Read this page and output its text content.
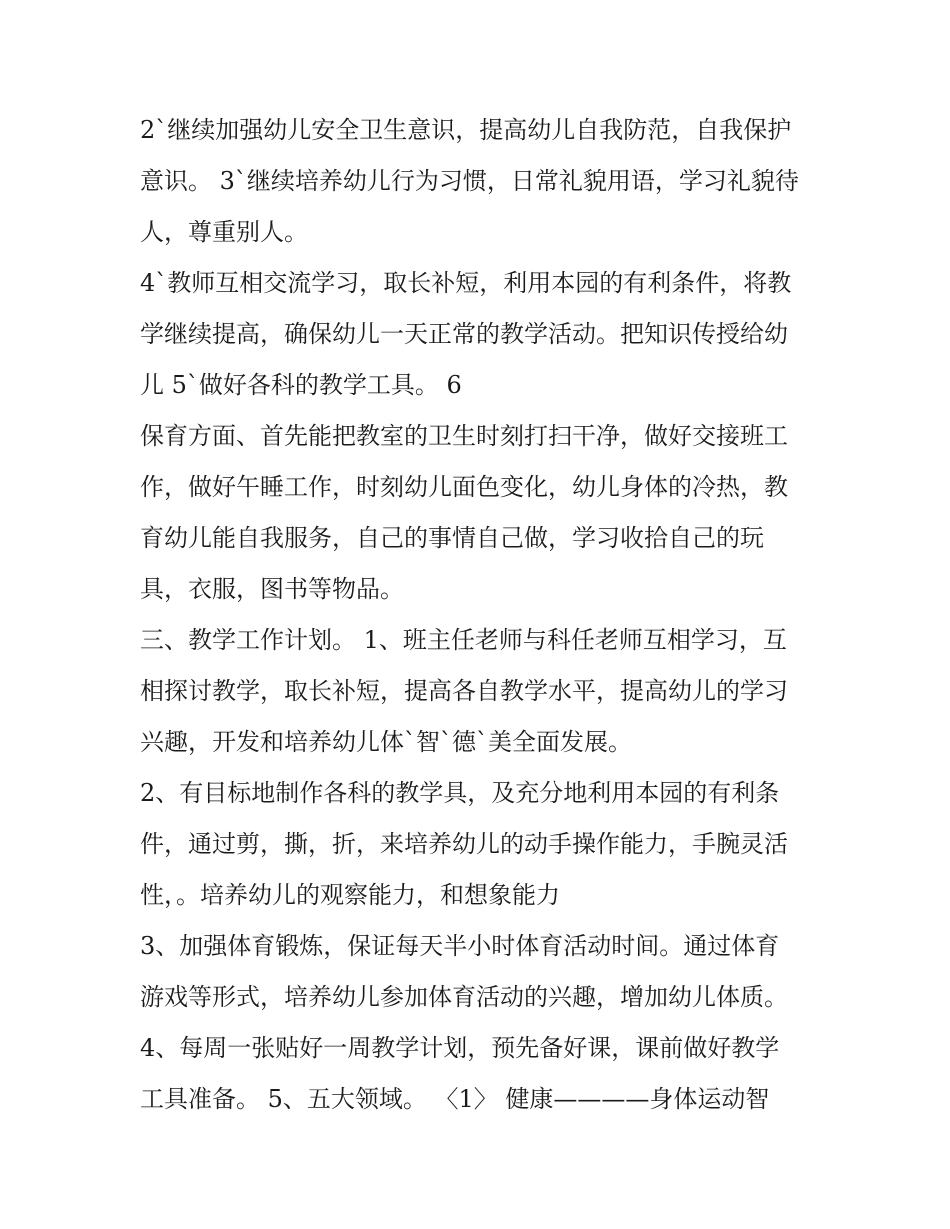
2`继续加强幼儿安全卫生意识，提高幼儿自我防范，自我保护
意识。 3`继续培养幼儿行为习惯，日常礼貌用语，学习礼貌待
人，尊重别人。
4`教师互相交流学习，取长补短，利用本园的有利条件，将教
学继续提高，确保幼儿一天正常的教学活动。把知识传授给幼
儿 5`做好各科的教学工具。 6
保育方面、首先能把教室的卫生时刻打扫干净，做好交接班工
作，做好午睡工作，时刻幼儿面色变化，幼儿身体的冷热，教
育幼儿能自我服务，自己的事情自己做，学习收拾自己的玩
具，衣服，图书等物品。
三、教学工作计划。 1、班主任老师与科任老师互相学习，互
相探讨教学，取长补短，提高各自教学水平，提高幼儿的学习
兴趣，开发和培养幼儿体`智`德`美全面发展。
2、有目标地制作各科的教学具，及充分地利用本园的有利条
件，通过剪，撕，折，来培养幼儿的动手操作能力，手腕灵活
性，。培养幼儿的观察能力，和想象能力
3、加强体育锻炼，保证每天半小时体育活动时间。通过体育
游戏等形式，培养幼儿参加体育活动的兴趣，增加幼儿体质。
4、每周一张贴好一周教学计划，预先备好课，课前做好教学
工具准备。 5、五大领域。 〈1〉 健康————身体运动智
